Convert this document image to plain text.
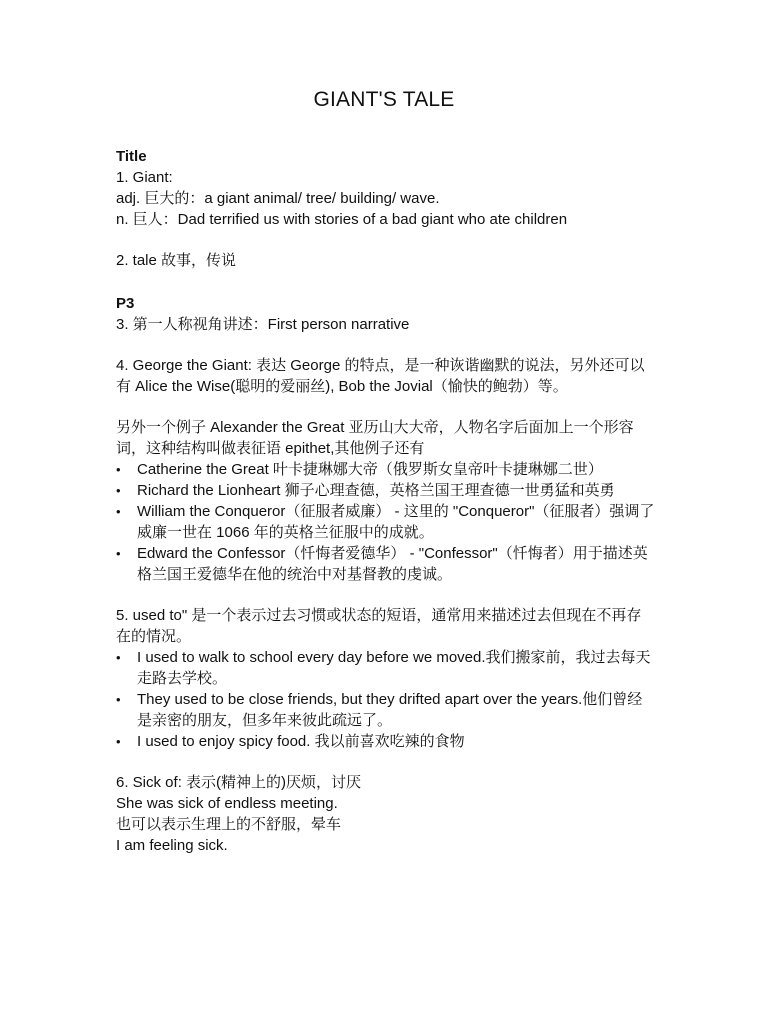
GIANT'S TALE

Title

1. Giant:

adj. 巨大的：a giant animal/ tree/ building/ wave.

n. 巨人：Dad terrified us with stories of a bad giant who ate children

2. tale 故事，传说

P3

3. 第一人称视角讲述：First person narrative

4. George the Giant: 表达 George 的特点，是一种诙谐幽默的说法，另外还可以有 Alice the Wise(聪明的爱丽丝), Bob the Jovial（愉快的鲍勃）等。

另外一个例子 Alexander the Great 亚历山大大帝，人物名字后面加上一个形容词，这种结构叫做表征语 epithet,其他例子还有

• Catherine the Great 叶卡捷琳娜大帝（俄罗斯女皇帝叶卡捷琳娜二世）
• Richard the Lionheart 狮子心理查德，英格兰国王理查德一世勇猛和英勇
• William the Conqueror（征服者威廉） - 这里的 "Conqueror"（征服者）强调了威廉一世在 1066 年的英格兰征服中的成就。
• Edward the Confessor（忏悔者爱德华） - "Confessor"（忏悔者）用于描述英格兰国王爱德华在他的统治中对基督教的虔诚。

5. used to" 是一个表示过去习惯或状态的短语，通常用来描述过去但现在不再存在的情况。

• I used to walk to school every day before we moved.我们搬家前，我过去每天走路去学校。
• They used to be close friends, but they drifted apart over the years.他们曾经是亲密的朋友，但多年来彼此疏远了。
• I used to enjoy spicy food. 我以前喜欢吃辣的食物

6. Sick of: 表示(精神上的)厌烦，讨厌

She was sick of endless meeting.

也可以表示生理上的不舒服，晕车

I am feeling sick.
